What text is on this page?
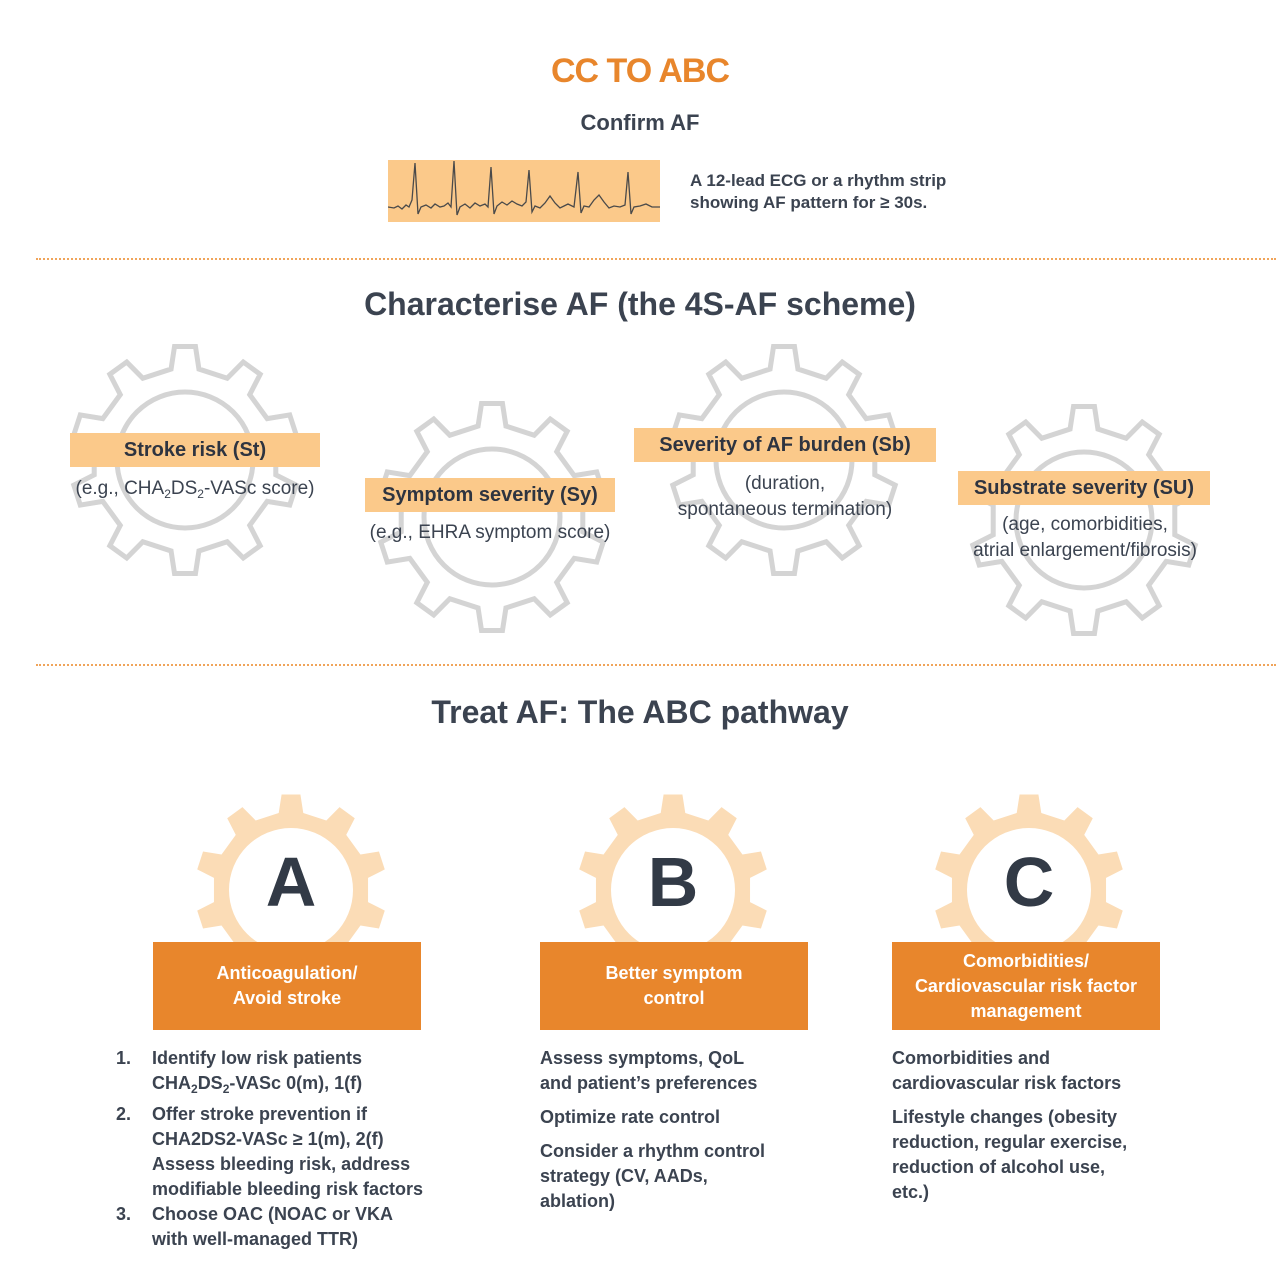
CC TO ABC
Confirm AF
A 12-lead ECG or a rhythm strip
showing AF pattern for ≥ 30s.
Characterise AF (the 4S-AF scheme)
Stroke risk (St)
(e.g., $CHA_2DS_2$-VASc score)	Symptom severity (Sy)
(e.g., EHRA symptom score)
Severity of AF burden (Sb)
(duration,
spontaneous termination)
Substrate severity (SU)
(age, comorbidities,
atrial enlargement/fibrosis)
Treat AF: The ABC pathway
A	B	C
Anticoagulation/
Avoid stroke
Better symptom
control
Comorbidities/
Cardiovascular risk factor
management
1.	Identify low risk patients
$CHA_2DS_2$-VASc 0(m), 1(f)
2.	Offer stroke prevention if
CHA2DS2-VASc ≥ 1(m), 2(f)
Assess bleeding risk, address
modifiable bleeding risk factors
3.	Choose OAC (NOAC or VKA
with well-managed TTR)
Assess symptoms, QoL
and patient’s preferences
Optimize rate control
Consider a rhythm control
strategy (CV, AADs,
ablation)
Comorbidities and
cardiovascular risk factors
Lifestyle changes (obesity
reduction, regular exercise,
reduction of alcohol use,
etc.)
